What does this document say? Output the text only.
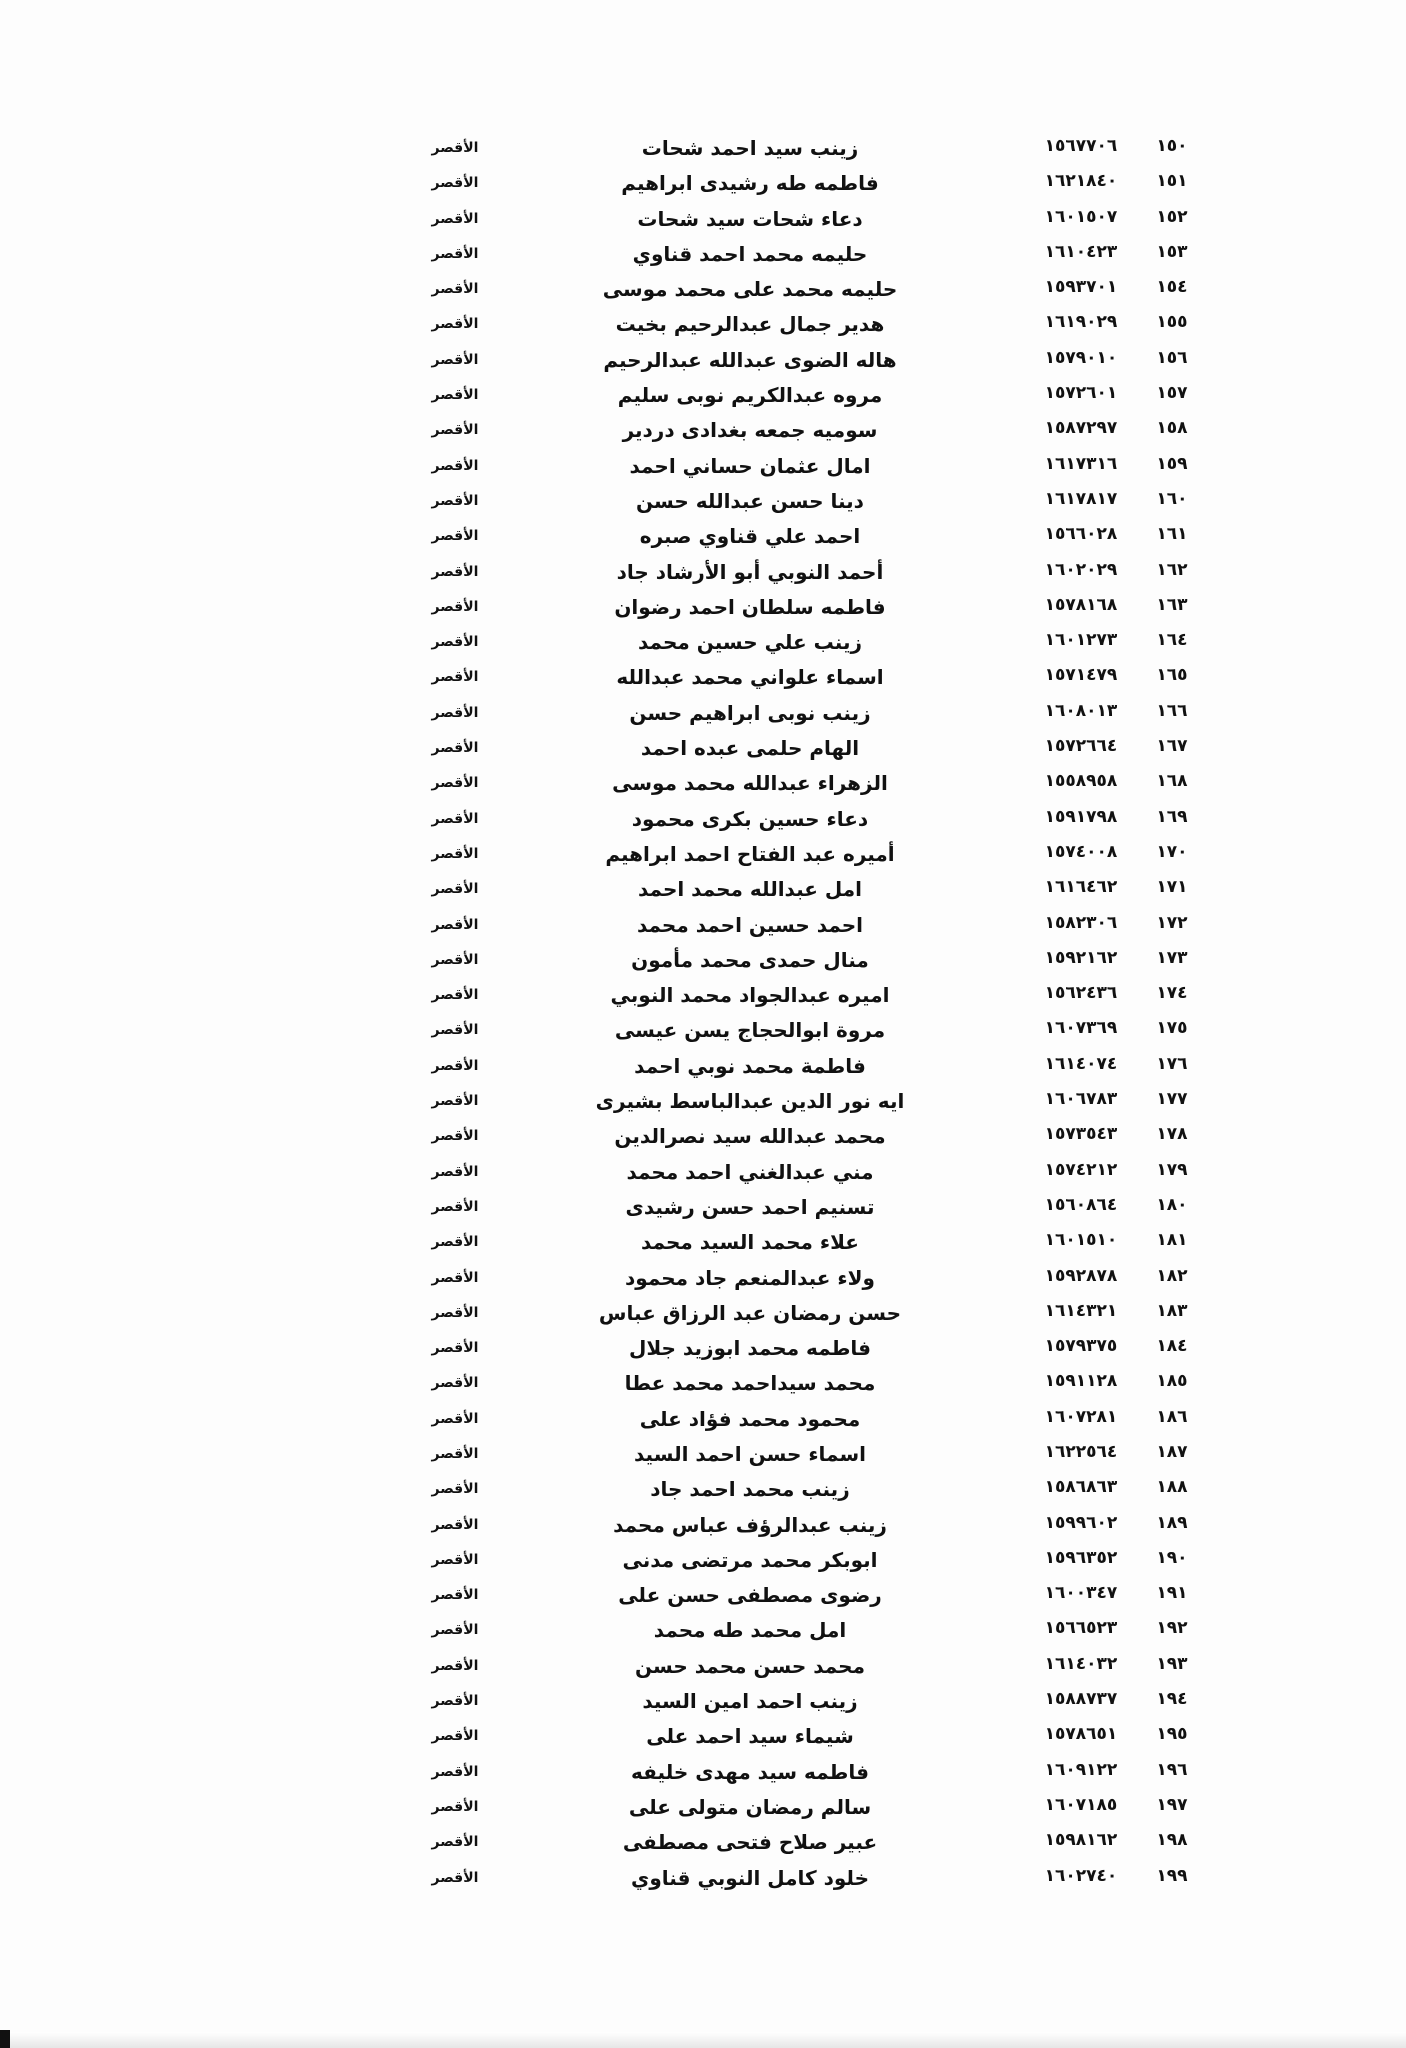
١٥٠
١٥٦٧٧٠٦
زينب سيد احمد شحات
الأقصر
١٥١
١٦٢١٨٤٠
فاطمه طه رشيدى ابراهيم
الأقصر
١٥٢
١٦٠١٥٠٧
دعاء شحات سيد شحات
الأقصر
١٥٣
١٦١٠٤٢٣
حليمه محمد احمد قناوي
الأقصر
١٥٤
١٥٩٣٧٠١
حليمه محمد على محمد موسى
الأقصر
١٥٥
١٦١٩٠٢٩
هدير جمال عبدالرحيم بخيت
الأقصر
١٥٦
١٥٧٩٠١٠
هاله الضوى عبدالله عبدالرحيم
الأقصر
١٥٧
١٥٧٢٦٠١
مروه عبدالكريم نوبى سليم
الأقصر
١٥٨
١٥٨٧٢٩٧
سوميه جمعه بغدادى دردير
الأقصر
١٥٩
١٦١٧٣١٦
امال عثمان حساني احمد
الأقصر
١٦٠
١٦١٧٨١٧
دينا حسن عبدالله حسن
الأقصر
١٦١
١٥٦٦٠٢٨
احمد علي قناوي صبره
الأقصر
١٦٢
١٦٠٢٠٢٩
أحمد النوبي أبو الأرشاد جاد
الأقصر
١٦٣
١٥٧٨١٦٨
فاطمه سلطان احمد رضوان
الأقصر
١٦٤
١٦٠١٢٧٣
زينب علي حسين محمد
الأقصر
١٦٥
١٥٧١٤٧٩
اسماء علواني محمد عبدالله
الأقصر
١٦٦
١٦٠٨٠١٣
زينب نوبى ابراهيم حسن
الأقصر
١٦٧
١٥٧٢٦٦٤
الهام حلمى عبده احمد
الأقصر
١٦٨
١٥٥٨٩٥٨
الزهراء عبدالله محمد موسى
الأقصر
١٦٩
١٥٩١٧٩٨
دعاء حسين بكرى محمود
الأقصر
١٧٠
١٥٧٤٠٠٨
أميره عبد الفتاح احمد ابراهيم
الأقصر
١٧١
١٦١٦٤٦٢
امل عبدالله محمد احمد
الأقصر
١٧٢
١٥٨٢٣٠٦
احمد حسين احمد محمد
الأقصر
١٧٣
١٥٩٢١٦٢
منال حمدى محمد مأمون
الأقصر
١٧٤
١٥٦٢٤٣٦
اميره عبدالجواد محمد النوبي
الأقصر
١٧٥
١٦٠٧٣٦٩
مروة ابوالحجاج يسن عيسى
الأقصر
١٧٦
١٦١٤٠٧٤
فاطمة محمد نوبي احمد
الأقصر
١٧٧
١٦٠٦٧٨٣
ايه نور الدين عبدالباسط بشيرى
الأقصر
١٧٨
١٥٧٣٥٤٣
محمد عبدالله سيد نصرالدين
الأقصر
١٧٩
١٥٧٤٢١٢
مني عبدالغني احمد محمد
الأقصر
١٨٠
١٥٦٠٨٦٤
تسنيم احمد حسن رشيدى
الأقصر
١٨١
١٦٠١٥١٠
علاء محمد السيد محمد
الأقصر
١٨٢
١٥٩٢٨٧٨
ولاء عبدالمنعم جاد محمود
الأقصر
١٨٣
١٦١٤٣٢١
حسن رمضان عبد الرزاق عباس
الأقصر
١٨٤
١٥٧٩٣٧٥
فاطمه محمد ابوزيد جلال
الأقصر
١٨٥
١٥٩١١٢٨
محمد سيداحمد محمد عطا
الأقصر
١٨٦
١٦٠٧٢٨١
محمود محمد فؤاد على
الأقصر
١٨٧
١٦٢٢٥٦٤
اسماء حسن احمد السيد
الأقصر
١٨٨
١٥٨٦٨٦٣
زينب محمد احمد جاد
الأقصر
١٨٩
١٥٩٩٦٠٢
زينب عبدالرؤف عباس محمد
الأقصر
١٩٠
١٥٩٦٣٥٢
ابوبكر محمد مرتضى مدنى
الأقصر
١٩١
١٦٠٠٣٤٧
رضوى مصطفى حسن على
الأقصر
١٩٢
١٥٦٦٥٢٣
امل محمد طه محمد
الأقصر
١٩٣
١٦١٤٠٣٢
محمد حسن محمد حسن
الأقصر
١٩٤
١٥٨٨٧٣٧
زينب احمد امين السيد
الأقصر
١٩٥
١٥٧٨٦٥١
شيماء سيد احمد على
الأقصر
١٩٦
١٦٠٩١٢٢
فاطمه سيد مهدى خليفه
الأقصر
١٩٧
١٦٠٧١٨٥
سالم رمضان متولى على
الأقصر
١٩٨
١٥٩٨١٦٢
عبير صلاح فتحى مصطفى
الأقصر
١٩٩
١٦٠٢٧٤٠
خلود كامل النوبي قناوي
الأقصر
